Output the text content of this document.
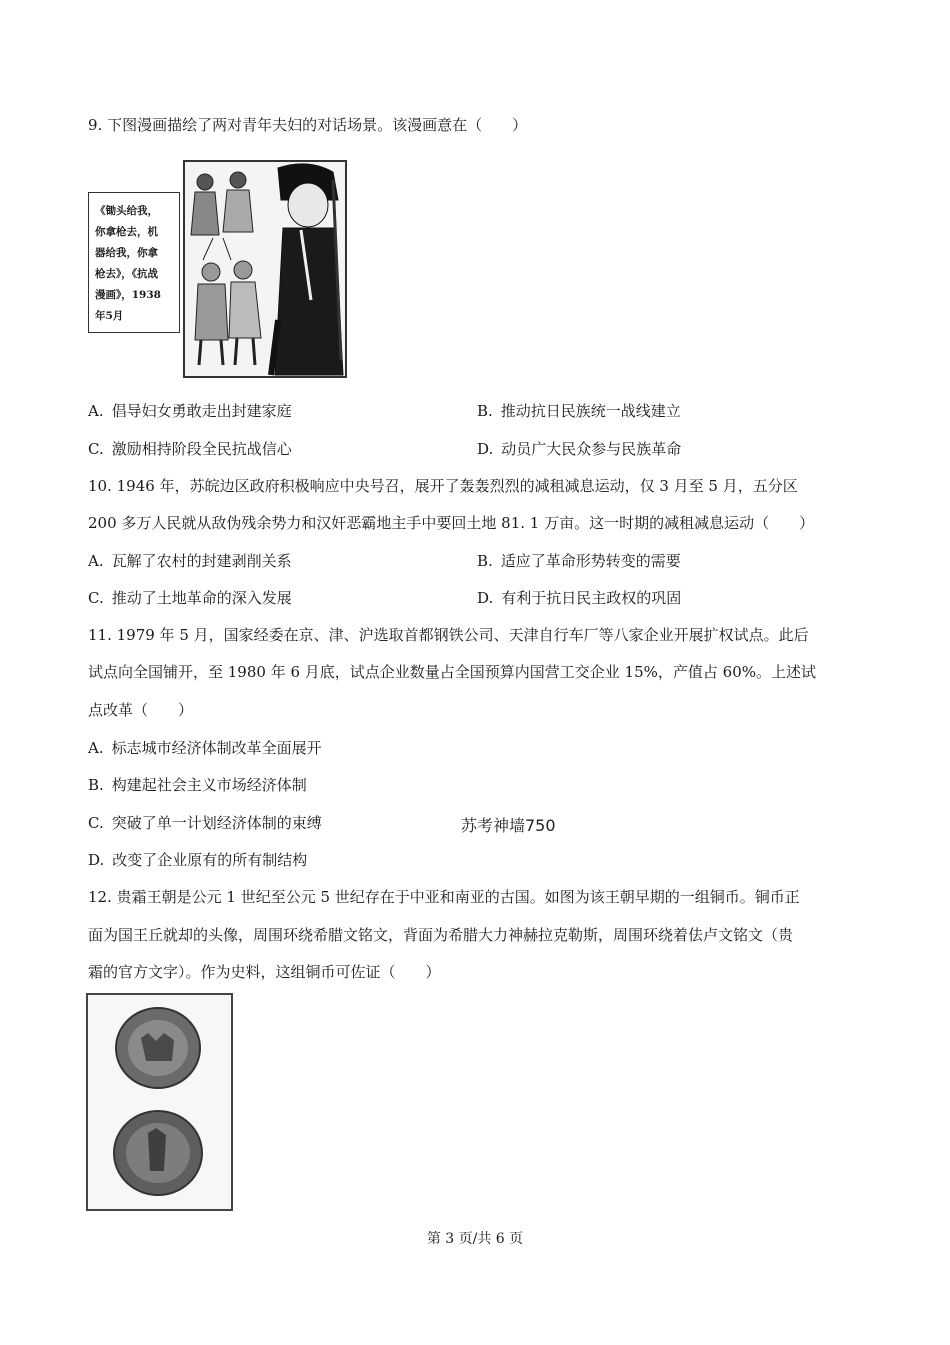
9. 下图漫画描绘了两对青年夫妇的对话场景。该漫画意在（　　）
《锄头给我，
你拿枪去，机
器给我，你拿
枪去》，《抗战
漫画》，1938
年5月
A. 倡导妇女勇敢走出封建家庭	B. 推动抗日民族统一战线建立
C. 激励相持阶段全民抗战信心	D. 动员广大民众参与民族革命
10. 1946 年，苏皖边区政府积极响应中央号召，展开了轰轰烈烈的减租减息运动，仅 3 月至 5 月，五分区
200 多万人民就从敌伪残余势力和汉奸恶霸地主手中要回土地 81. 1 万亩。这一时期的减租减息运动（　　）
A. 瓦解了农村的封建剥削关系	B. 适应了革命形势转变的需要
C. 推动了土地革命的深入发展	D. 有利于抗日民主政权的巩固
11. 1979 年 5 月，国家经委在京、津、沪选取首都钢铁公司、天津自行车厂等八家企业开展扩权试点。此后
试点向全国铺开，至 1980 年 6 月底，试点企业数量占全国预算内国营工交企业 15%，产值占 60%。上述试
点改革（　　）
A. 标志城市经济体制改革全面展开
B. 构建起社会主义市场经济体制
C. 突破了单一计划经济体制的束缚	苏考神墙750
D. 改变了企业原有的所有制结构
12. 贵霜王朝是公元 1 世纪至公元 5 世纪存在于中亚和南亚的古国。如图为该王朝早期的一组铜币。铜币正
面为国王丘就却的头像，周围环绕希腊文铭文，背面为希腊大力神赫拉克勒斯，周围环绕着佉卢文铭文（贵
霜的官方文字）。作为史料，这组铜币可佐证（　　）
第 3 页/共 6 页
